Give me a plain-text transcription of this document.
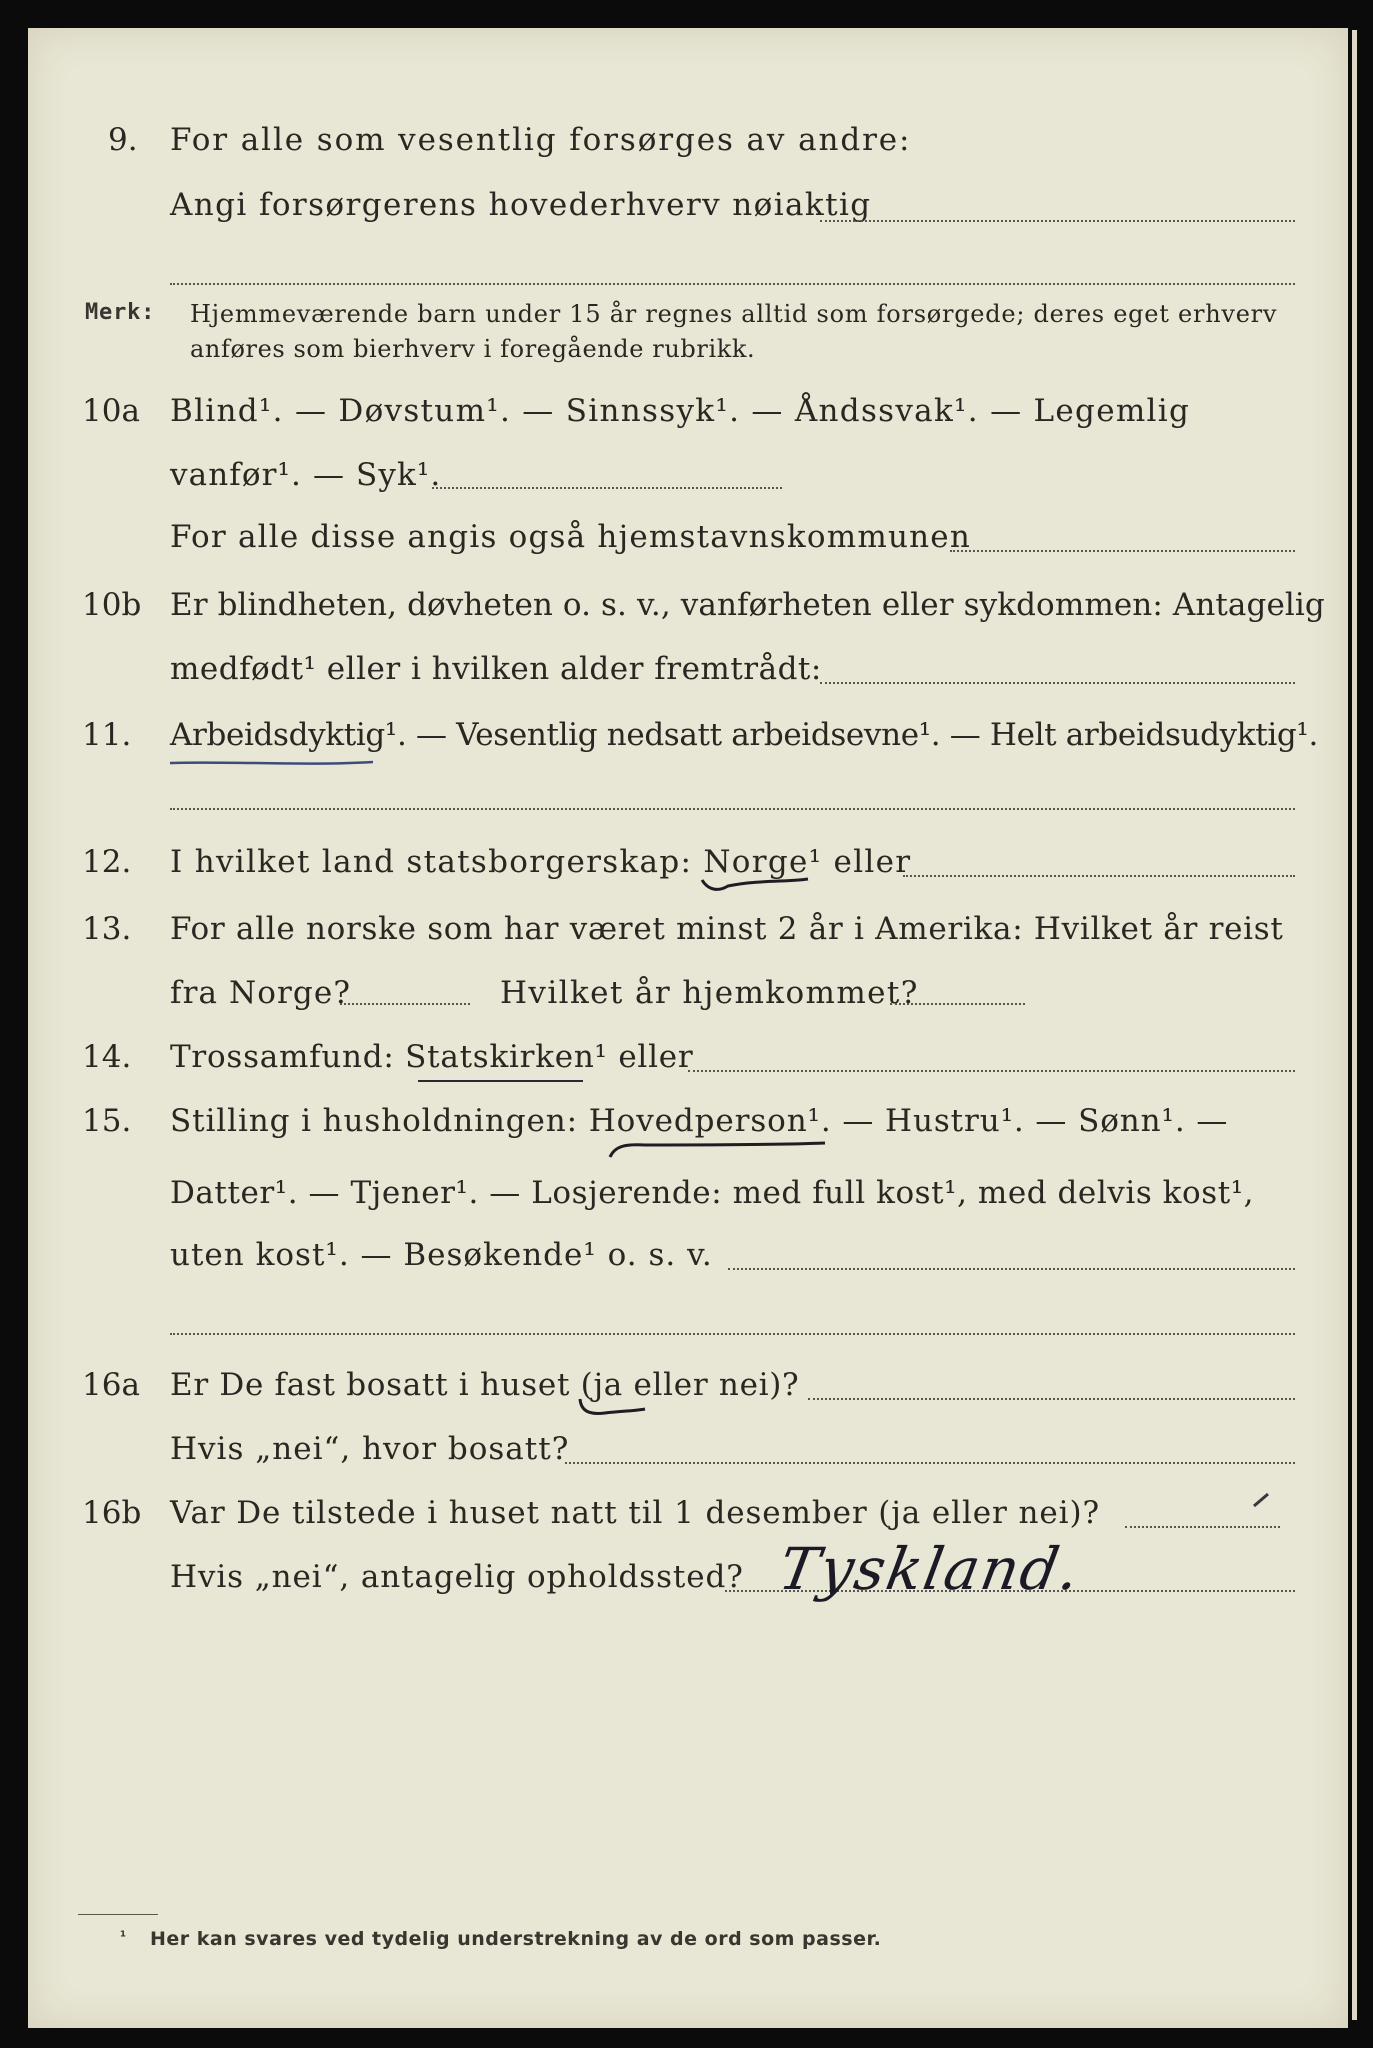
9. For alle som vesentlig forsørges av andre:
Angi forsørgerens hovederhverv nøiaktig
Merk: Hjemmeværende barn under 15 år regnes alltid som forsørgede; deres eget erhverv
anføres som bierhverv i foregående rubrikk.
10a Blind¹. — Døvstum¹. — Sinnssyk¹. — Åndssvak¹. — Legemlig
vanfør¹. — Syk¹.
For alle disse angis også hjemstavnskommunen
10b Er blindheten, døvheten o. s. v., vanførheten eller sykdommen: Antagelig
medfødt¹ eller i hvilken alder fremtrådt:
11. Arbeidsdyktig¹. — Vesentlig nedsatt arbeidsevne¹. — Helt arbeidsudyktig¹.
12. I hvilket land statsborgerskap: Norge¹ eller
13. For alle norske som har været minst 2 år i Amerika: Hvilket år reist
fra Norge?	Hvilket år hjemkommet?
14. Trossamfund: Statskirken¹ eller
15. Stilling i husholdningen: Hovedperson¹. — Hustru¹. — Sønn¹. —
Datter¹. — Tjener¹. — Losjerende: med full kost¹, med delvis kost¹,
uten kost¹. — Besøkende¹ o. s. v.
16a Er De fast bosatt i huset (ja eller nei)?
Hvis „nei“, hvor bosatt?
16b Var De tilstede i huset natt til 1 desember (ja eller nei)?
Hvis „nei“, antagelig opholdssted? Tyskland.
¹ Her kan svares ved tydelig understrekning av de ord som passer.
